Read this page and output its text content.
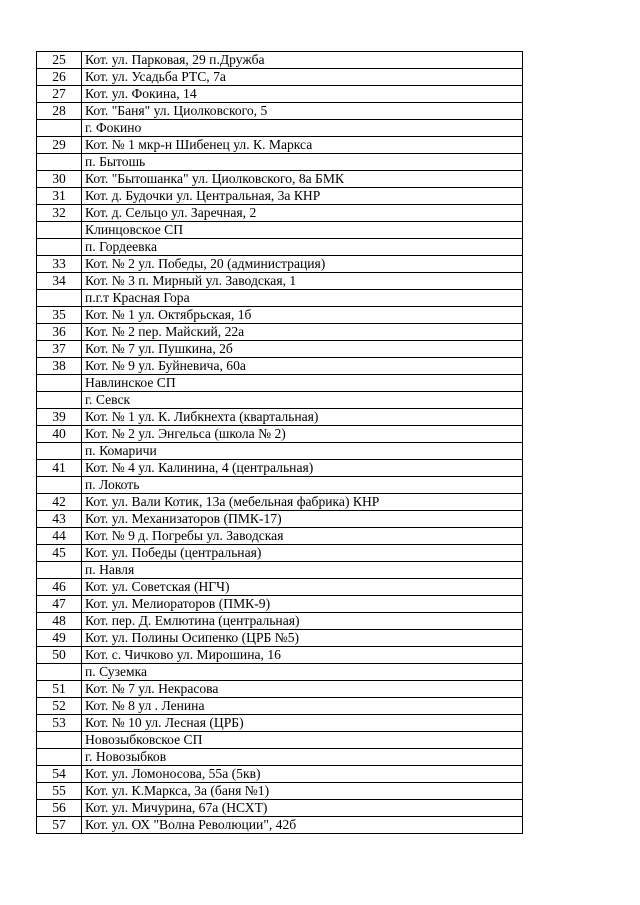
25	Кот. ул. Парковая, 29 п.Дружба
26	Кот. ул. Усадьба РТС, 7а
27	Кот. ул. Фокина, 14
28	Кот. "Баня" ул. Циолковского, 5
	г. Фокино
29	Кот. № 1 мкр-н Шибенец ул. К. Маркса
	п. Бытошь
30	Кот. "Бытошанка" ул. Циолковского, 8а БМК
31	Кот. д. Будочки ул. Центральная, 3а КНР
32	Кот. д. Сельцо ул. Заречная, 2
	Клинцовское СП
	п. Гордеевка
33	Кот. № 2 ул. Победы, 20 (администрация)
34	Кот. № 3 п. Мирный ул. Заводская, 1
	п.г.т Красная Гора
35	Кот. № 1 ул. Октябрьская, 1б
36	Кот. № 2 пер. Майский, 22а
37	Кот. № 7 ул. Пушкина, 2б
38	Кот. № 9 ул. Буйневича, 60а
	Навлинское СП
	г. Севск
39	Кот. № 1 ул. К. Либкнехта (квартальная)
40	Кот. № 2 ул. Энгельса (школа № 2)
	п. Комаричи
41	Кот. № 4 ул. Калинина, 4 (центральная)
	п. Локоть
42	Кот. ул. Вали Котик, 13а (мебельная фабрика) КНР
43	Кот. ул. Механизаторов (ПМК-17)
44	Кот. № 9 д. Погребы ул. Заводская
45	Кот. ул. Победы (центральная)
	п. Навля
46	Кот. ул. Советская (НГЧ)
47	Кот. ул. Мелиораторов (ПМК-9)
48	Кот. пер. Д. Емлютина (центральная)
49	Кот. ул. Полины Осипенко (ЦРБ №5)
50	Кот. с. Чичково ул. Мирошина, 16
	п. Суземка
51	Кот. № 7 ул. Некрасова
52	Кот. № 8 ул . Ленина
53	Кот. № 10 ул. Лесная (ЦРБ)
	Новозыбковское СП
	г. Новозыбков
54	Кот. ул. Ломоносова, 55а (5кв)
55	Кот. ул. К.Маркса, 3а (баня №1)
56	Кот. ул. Мичурина, 67а (НСХТ)
57	Кот. ул. ОХ "Волна Революции", 42б
